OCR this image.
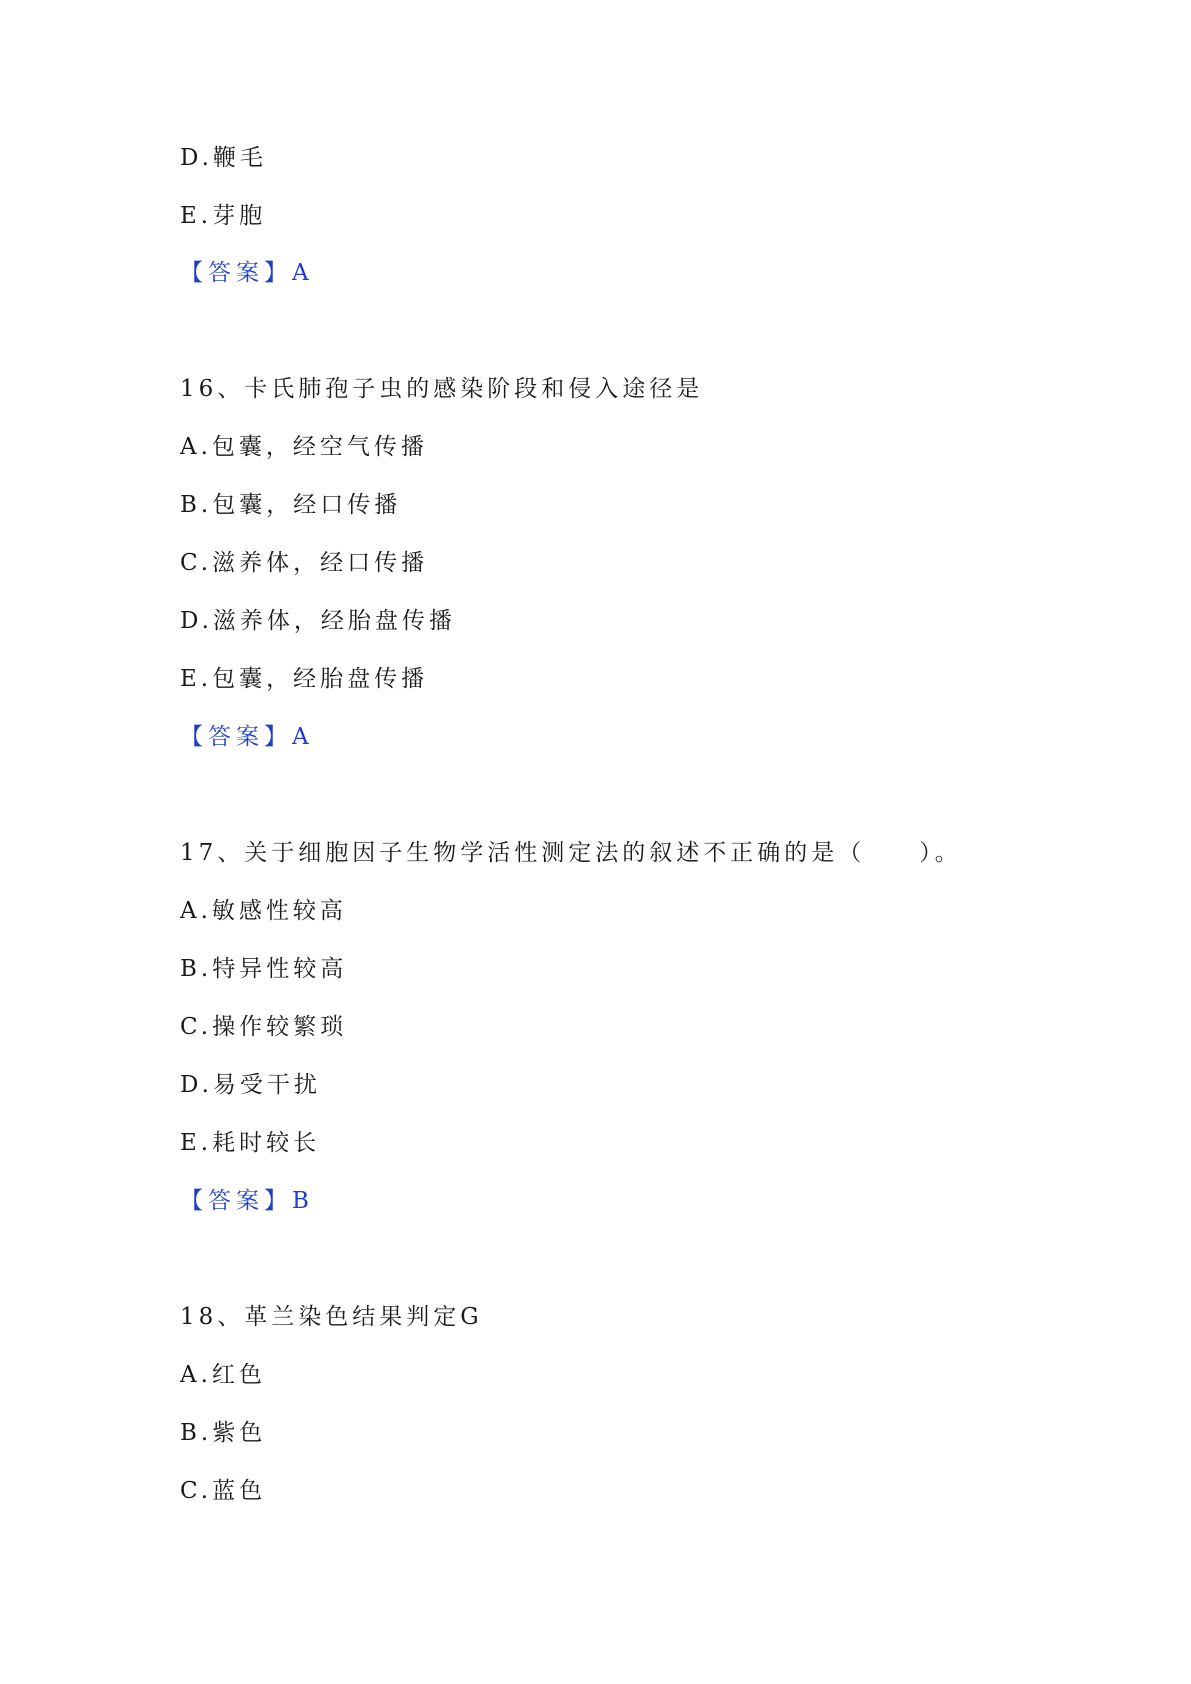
D.鞭毛
E.芽胞
【答案】A
16、卡氏肺孢子虫的感染阶段和侵入途径是
A.包囊，经空气传播
B.包囊，经口传播
C.滋养体，经口传播
D.滋养体，经胎盘传播
E.包囊，经胎盘传播
【答案】A
17、关于细胞因子生物学活性测定法的叙述不正确的是（　　）。
A.敏感性较高
B.特异性较高
C.操作较繁琐
D.易受干扰
E.耗时较长
【答案】B
18、革兰染色结果判定G
A.红色
B.紫色
C.蓝色
